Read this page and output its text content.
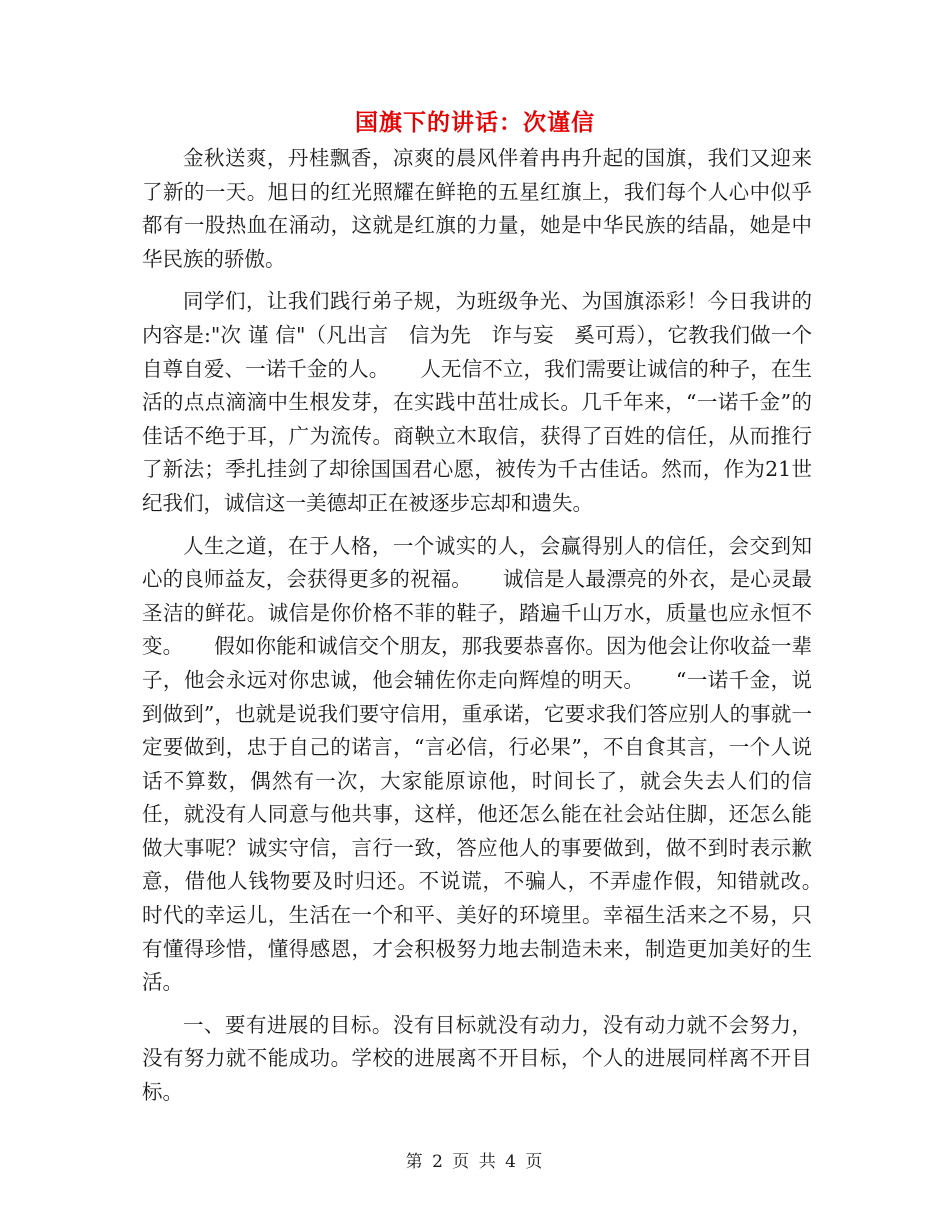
国旗下的讲话：次谨信

金秋送爽，丹桂飘香，凉爽的晨风伴着冉冉升起的国旗，我们又迎来了新的一天。旭日的红光照耀在鲜艳的五星红旗上，我们每个人心中似乎都有一股热血在涌动，这就是红旗的力量，她是中华民族的结晶，她是中华民族的骄傲。

同学们，让我们践行弟子规，为班级争光、为国旗添彩！今日我讲的内容是:"次 谨 信"（凡出言　信为先　诈与妄　奚可焉），它教我们做一个自尊自爱、一诺千金的人。　　人无信不立，我们需要让诚信的种子，在生活的点点滴滴中生根发芽，在实践中茁壮成长。几千年来，“一诺千金”的佳话不绝于耳，广为流传。商鞅立木取信，获得了百姓的信任，从而推行了新法；季扎挂剑了却徐国国君心愿，被传为千古佳话。然而，作为21世纪我们，诚信这一美德却正在被逐步忘却和遗失。

人生之道，在于人格，一个诚实的人，会赢得别人的信任，会交到知心的良师益友，会获得更多的祝福。　　诚信是人最漂亮的外衣，是心灵最圣洁的鲜花。诚信是你价格不菲的鞋子，踏遍千山万水，质量也应永恒不变。　　假如你能和诚信交个朋友，那我要恭喜你。因为他会让你收益一辈子，他会永远对你忠诚，他会辅佐你走向辉煌的明天。　　“一诺千金，说到做到”，也就是说我们要守信用，重承诺，它要求我们答应别人的事就一定要做到，忠于自己的诺言，“言必信，行必果”，不自食其言，一个人说话不算数，偶然有一次，大家能原谅他，时间长了，就会失去人们的信任，就没有人同意与他共事，这样，他还怎么能在社会站住脚，还怎么能做大事呢？诚实守信，言行一致，答应他人的事要做到，做不到时表示歉意，借他人钱物要及时归还。不说谎，不骗人，不弄虚作假，知错就改。　　时代的幸运儿，生活在一个和平、美好的环境里。幸福生活来之不易，只有懂得珍惜，懂得感恩，才会积极努力地去制造未来，制造更加美好的生活。

一、要有进展的目标。没有目标就没有动力，没有动力就不会努力，没有努力就不能成功。学校的进展离不开目标，个人的进展同样离不开目标。

第 2 页 共 4 页
